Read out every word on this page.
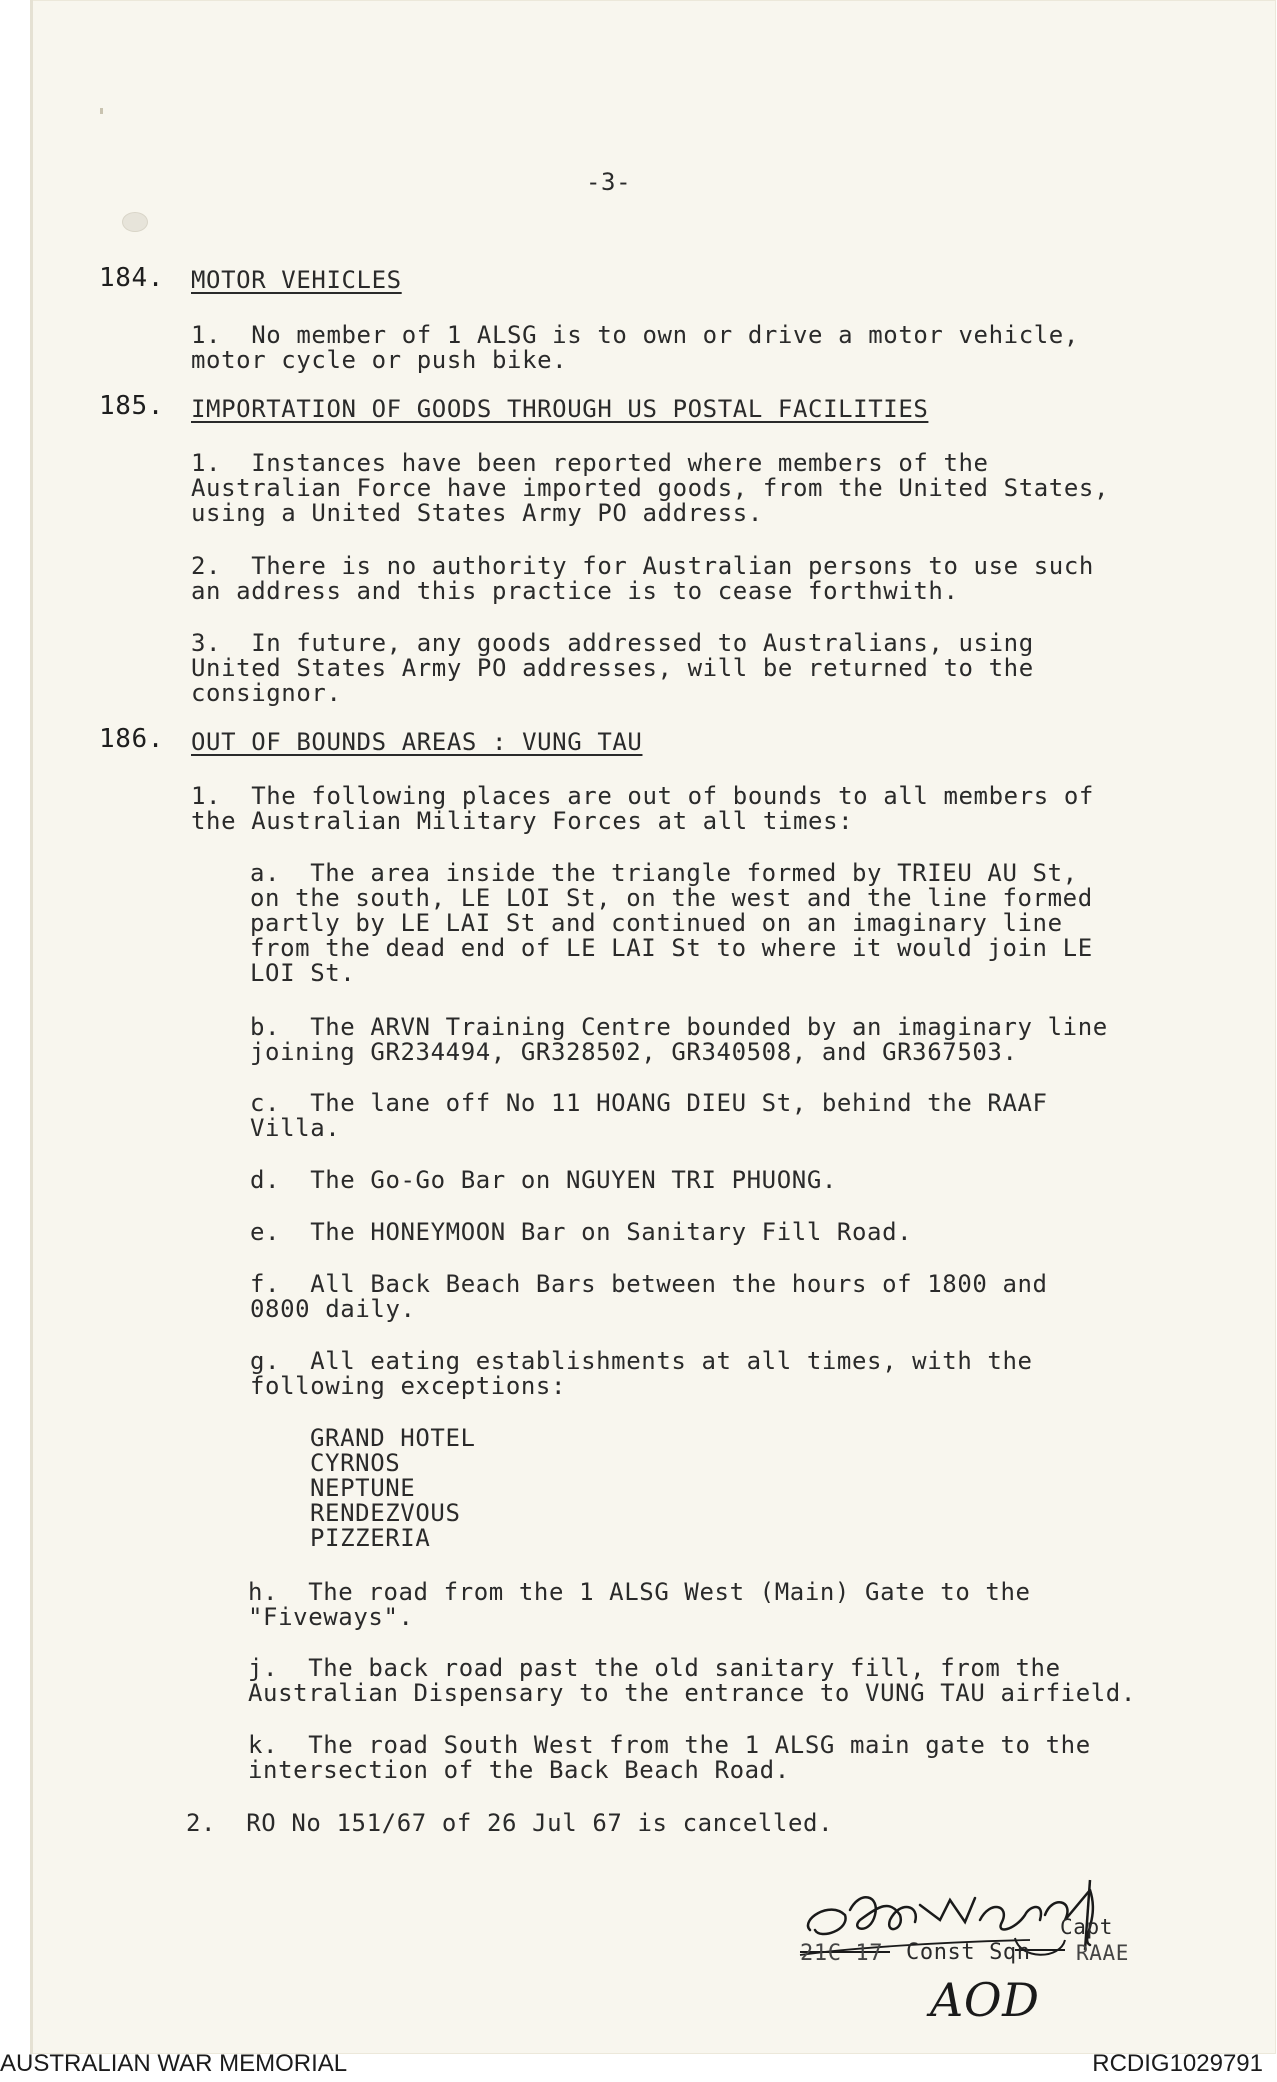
-3-
184. MOTOR VEHICLES
1.  No member of 1 ALSG is to own or drive a motor vehicle,
motor cycle or push bike.
185. IMPORTATION OF GOODS THROUGH US POSTAL FACILITIES
1.  Instances have been reported where members of the
Australian Force have imported goods, from the United States,
using a United States Army PO address.
2.  There is no authority for Australian persons to use such
an address and this practice is to cease forthwith.
3.  In future, any goods addressed to Australians, using
United States Army PO addresses, will be returned to the
consignor.
186. OUT OF BOUNDS AREAS : VUNG TAU
1.  The following places are out of bounds to all members of
the Australian Military Forces at all times:
a.  The area inside the triangle formed by TRIEU AU St,
on the south, LE LOI St, on the west and the line formed
partly by LE LAI St and continued on an imaginary line
from the dead end of LE LAI St to where it would join LE
LOI St.
b.  The ARVN Training Centre bounded by an imaginary line
joining GR234494, GR328502, GR340508, and GR367503.
c.  The lane off No 11 HOANG DIEU St, behind the RAAF
Villa.
d.  The Go-Go Bar on NGUYEN TRI PHUONG.
e.  The HONEYMOON Bar on Sanitary Fill Road.
f.  All Back Beach Bars between the hours of 1800 and
0800 daily.
g.  All eating establishments at all times, with the
following exceptions:
GRAND HOTEL
CYRNOS
NEPTUNE
RENDEZVOUS
PIZZERIA
h.  The road from the 1 ALSG West (Main) Gate to the
"Fiveways".
j.  The back road past the old sanitary fill, from the
Australian Dispensary to the entrance to VUNG TAU airfield.
k.  The road South West from the 1 ALSG main gate to the
intersection of the Back Beach Road.
2.  RO No 151/67 of 26 Jul 67 is cancelled.
Capt
21C 17 Const Sqn RAAE
AOD
AUSTRALIAN WAR MEMORIAL	RCDIG1029791
